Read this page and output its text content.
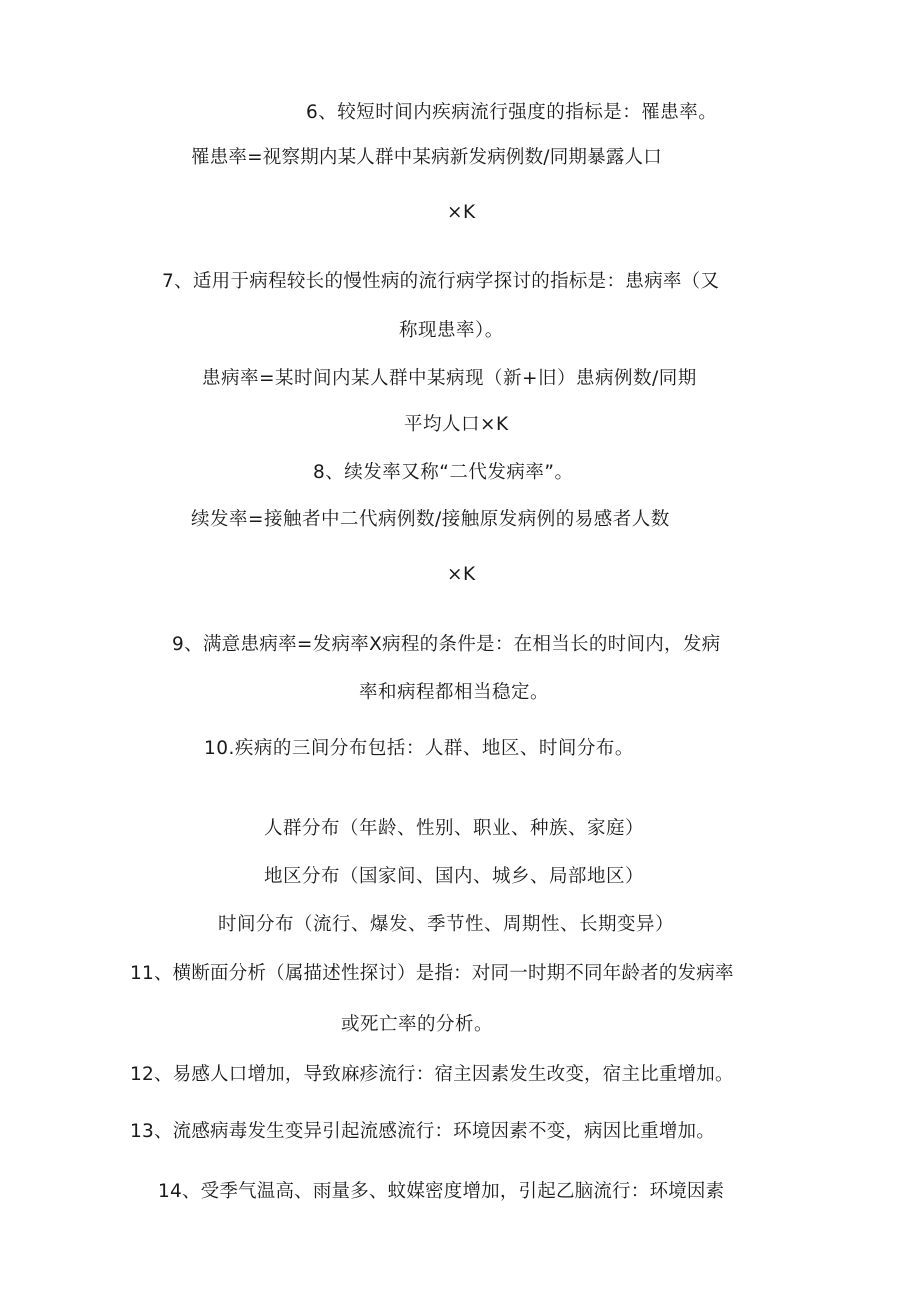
6、较短时间内疾病流行强度的指标是：罹患率。
罹患率=视察期内某人群中某病新发病例数/同期暴露人口
×K
7、适用于病程较长的慢性病的流行病学探讨的指标是：患病率（又
称现患率）。
患病率=某时间内某人群中某病现（新+旧）患病例数/同期
平均人口×K
8、续发率又称“二代发病率”。
续发率=接触者中二代病例数/接触原发病例的易感者人数
×K
9、满意患病率=发病率X病程的条件是：在相当长的时间内，发病
率和病程都相当稳定。
10.疾病的三间分布包括：人群、地区、时间分布。
人群分布（年龄、性别、职业、种族、家庭）
地区分布（国家间、国内、城乡、局部地区）
时间分布（流行、爆发、季节性、周期性、长期变异）
11、横断面分析（属描述性探讨）是指：对同一时期不同年龄者的发病率
或死亡率的分析。
12、易感人口增加，导致麻疹流行：宿主因素发生改变，宿主比重增加。
13、流感病毒发生变异引起流感流行：环境因素不变，病因比重增加。
14、受季气温高、雨量多、蚊媒密度增加，引起乙脑流行：环境因素
